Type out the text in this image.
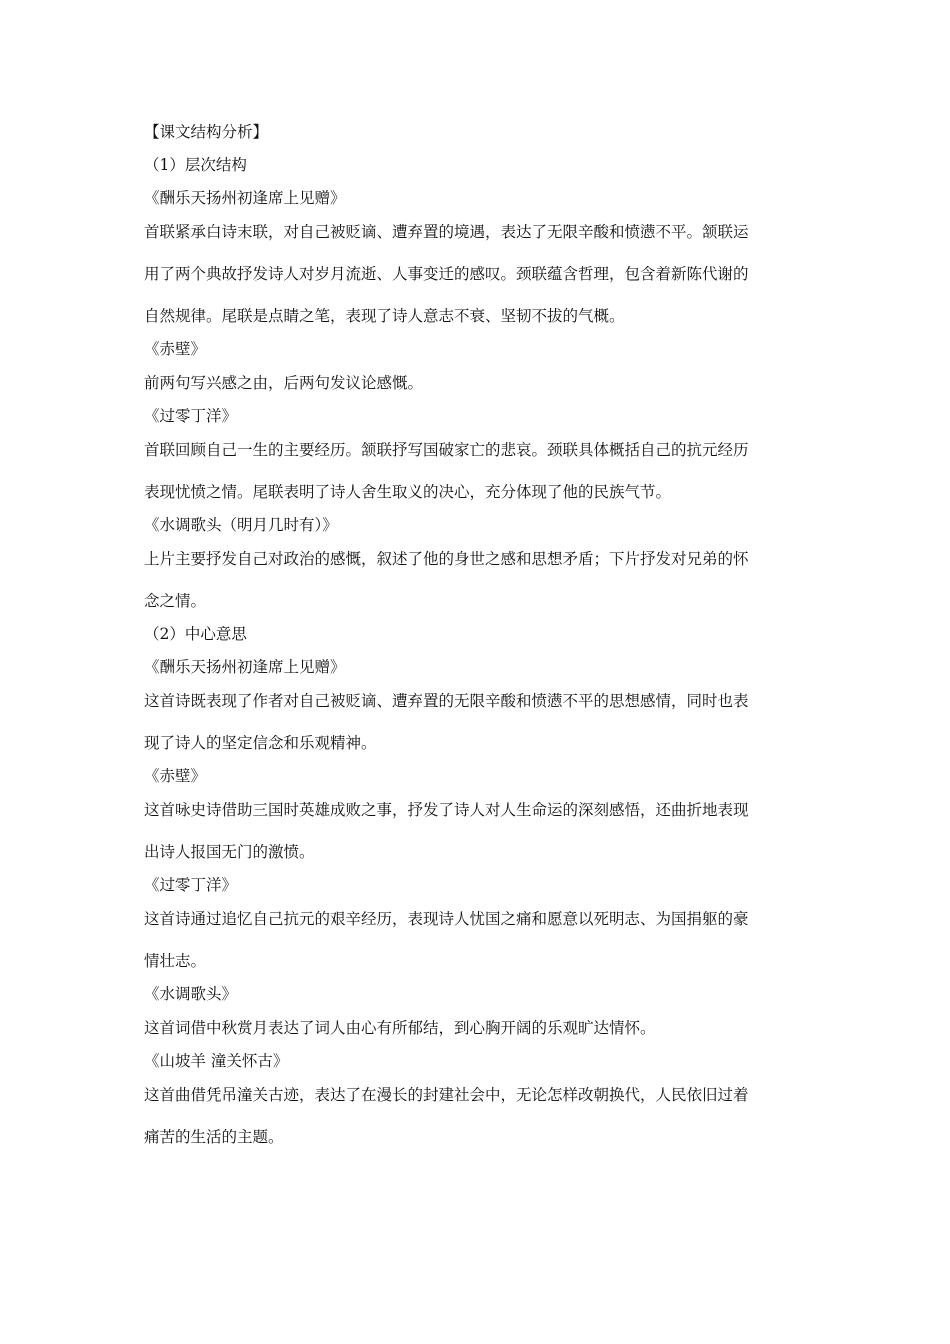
【课文结构分析】

（1）层次结构

《酬乐天扬州初逢席上见赠》

首联紧承白诗末联，对自己被贬谪、遭弃置的境遇，表达了无限辛酸和愤懑不平。颔联运
用了两个典故抒发诗人对岁月流逝、人事变迁的感叹。颈联蕴含哲理，包含着新陈代谢的
自然规律。尾联是点睛之笔，表现了诗人意志不衰、坚韧不拔的气概。

《赤壁》

前两句写兴感之由，后两句发议论感慨。

《过零丁洋》

首联回顾自己一生的主要经历。颔联抒写国破家亡的悲哀。颈联具体概括自己的抗元经历
表现忧愤之情。尾联表明了诗人舍生取义的决心，充分体现了他的民族气节。

《水调歌头（明月几时有）》

上片主要抒发自己对政治的感慨，叙述了他的身世之感和思想矛盾；下片抒发对兄弟的怀
念之情。

（2）中心意思

《酬乐天扬州初逢席上见赠》

这首诗既表现了作者对自己被贬谪、遭弃置的无限辛酸和愤懑不平的思想感情，同时也表
现了诗人的坚定信念和乐观精神。

《赤壁》

这首咏史诗借助三国时英雄成败之事，抒发了诗人对人生命运的深刻感悟，还曲折地表现
出诗人报国无门的激愤。

《过零丁洋》

这首诗通过追忆自己抗元的艰辛经历，表现诗人忧国之痛和愿意以死明志、为国捐躯的豪
情壮志。

《水调歌头》

这首词借中秋赏月表达了词人由心有所郁结，到心胸开阔的乐观旷达情怀。

《山坡羊 潼关怀古》

这首曲借凭吊潼关古迹，表达了在漫长的封建社会中，无论怎样改朝换代，人民依旧过着
痛苦的生活的主题。
